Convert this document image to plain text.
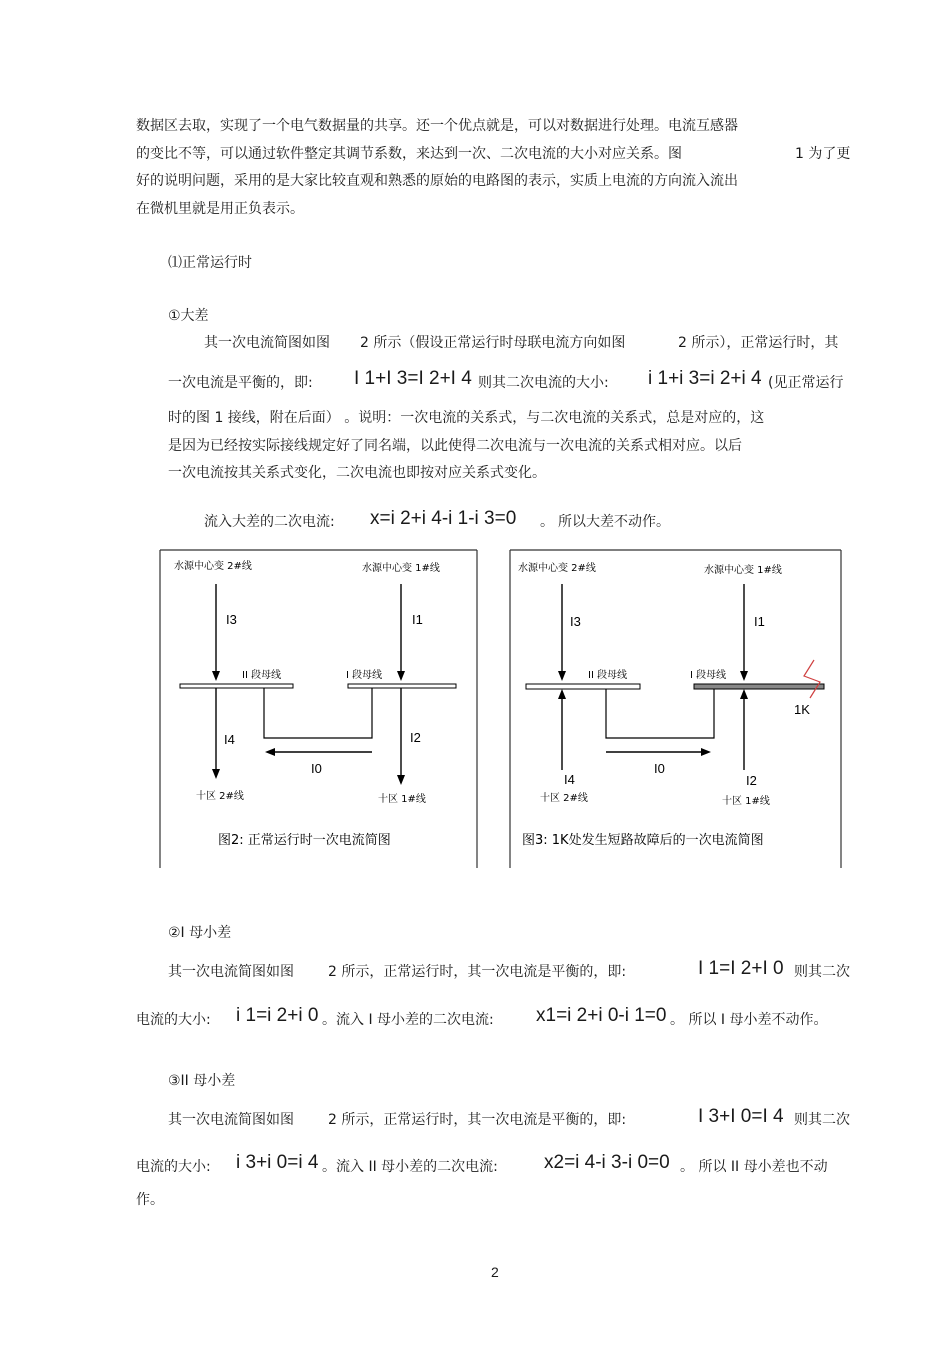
数据区去取，实现了一个电气数据量的共享。还一个优点就是，可以对数据进行处理。电流互感器
的变比不等，可以通过软件整定其调节系数，来达到一次、二次电流的大小对应关系。图	1 为了更
好的说明问题，采用的是大家比较直观和熟悉的原始的电路图的表示，实质上电流的方向流入流出
在微机里就是用正负表示。
⑴正常运行时
①大差
其一次电流简图如图 2 所示（假设正常运行时母联电流方向如图	2 所示），正常运行时，其
一次电流是平衡的，即: I 1+I 3=I 2+I 4 则其二次电流的大小: i 1+i 3=i 2+i 4 (见正常运行
时的图 1 接线，附在后面） 。说明：一次电流的关系式，与二次电流的关系式，总是对应的，这
是因为已经按实际接线规定好了同名端，以此使得二次电流与一次电流的关系式相对应。以后
一次电流按其关系式变化，二次电流也即按对应关系式变化。
流入大差的二次电流: x=i 2+i 4-i 1-i 3=0 。 所以大差不动作。
水源中心变 2#线	水源中心变 1#线
I3	I1
II 段母线	I 段母线
I4	I2
I0
十区 2#线	十区 1#线
图2: 正常运行时一次电流简图
水源中心变 2#线	水源中心变 1#线
I3	I1
II 段母线	I 段母线
1K
I4	I2
I0
十区 2#线	十区 1#线
图3: 1K处发生短路故障后的一次电流简图
②I 母小差
其一次电流简图如图 2 所示，正常运行时，其一次电流是平衡的，即:	I 1=I 2+I 0 则其二次
电流的大小: i 1=i 2+i 0 。流入 I 母小差的二次电流: x1=i 2+i 0-i 1=0 。 所以 I 母小差不动作。
③II 母小差
其一次电流简图如图 2 所示，正常运行时，其一次电流是平衡的，即:	I 3+I 0=I 4 则其二次
电流的大小: i 3+i 0=i 4 。流入 II 母小差的二次电流: x2=i 4-i 3-i 0=0 。 所以 II 母小差也不动
作。
2
